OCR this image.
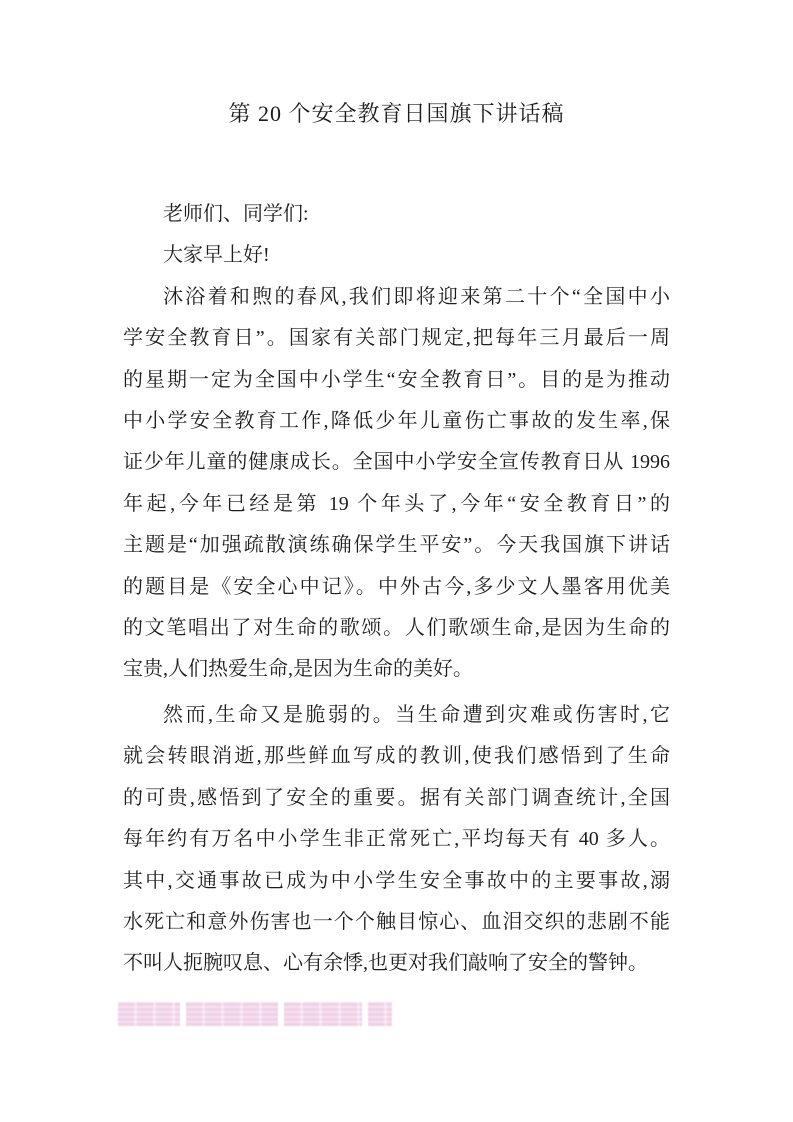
第 20 个安全教育日国旗下讲话稿
老师们、同学们:
大家早上好!
沐浴着和煦的春风,我们即将迎来第二十个“全国中小
学安全教育日”。国家有关部门规定,把每年三月最后一周
的星期一定为全国中小学生“安全教育日”。目的是为推动
中小学安全教育工作,降低少年儿童伤亡事故的发生率,保
证少年儿童的健康成长。全国中小学安全宣传教育日从 1996
年起,今年已经是第 19 个年头了,今年“安全教育日”的
主题是“加强疏散演练确保学生平安”。今天我国旗下讲话
的题目是《安全心中记》。中外古今,多少文人墨客用优美
的文笔唱出了对生命的歌颂。人们歌颂生命,是因为生命的
宝贵,人们热爱生命,是因为生命的美好。
然而,生命又是脆弱的。当生命遭到灾难或伤害时,它
就会转眼消逝,那些鲜血写成的教训,使我们感悟到了生命
的可贵,感悟到了安全的重要。据有关部门调查统计,全国
每年约有万名中小学生非正常死亡,平均每天有 40 多人。
其中,交通事故已成为中小学生安全事故中的主要事故,溺
水死亡和意外伤害也一个个触目惊心、血泪交织的悲剧不能
不叫人扼腕叹息、心有余悸,也更对我们敲响了安全的警钟。
